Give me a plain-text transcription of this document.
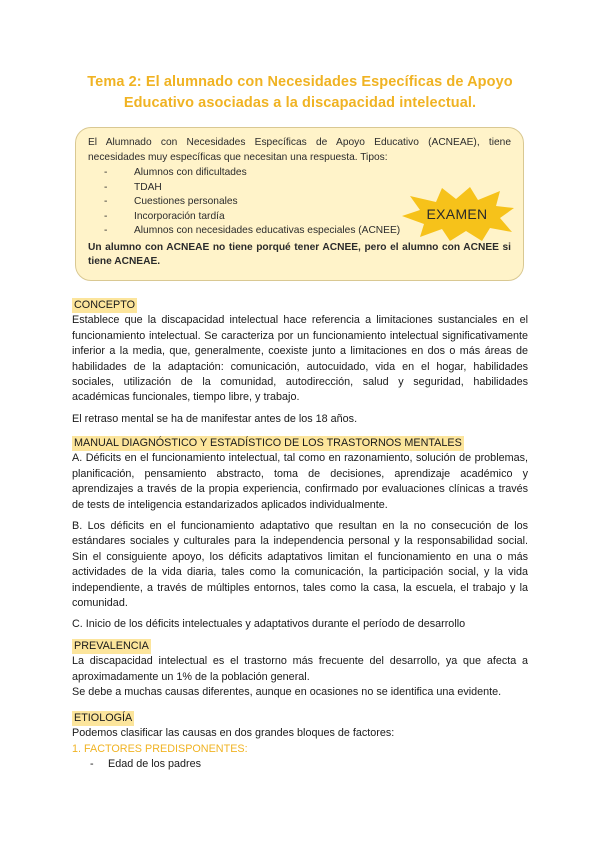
Tema 2: El alumnado con Necesidades Específicas de Apoyo
Educativo asociadas a la discapacidad intelectual.

El Alumnado con Necesidades Específicas de Apoyo Educativo (ACNEAE), tiene necesidades muy específicas que necesitan una respuesta. Tipos:

- Alumnos con dificultades
- TDAH
- Cuestiones personales
- Incorporación tardía
- Alumnos con necesidades educativas especiales (ACNEE)

Un alumno con ACNEAE no tiene porqué tener ACNEE, pero el alumno con ACNEE si tiene ACNEAE.

EXAMEN
CONCEPTO

Establece que la discapacidad intelectual hace referencia a limitaciones sustanciales en el funcionamiento intelectual. Se caracteriza por un funcionamiento intelectual significativamente inferior a la media, que, generalmente, coexiste junto a limitaciones en dos o más áreas de habilidades de la adaptación: comunicación, autocuidado, vida en el hogar, habilidades sociales, utilización de la comunidad, autodirección, salud y seguridad, habilidades académicas funcionales, tiempo libre, y trabajo.

El retraso mental se ha de manifestar antes de los 18 años.

MANUAL DIAGNÓSTICO Y ESTADÍSTICO DE LOS TRASTORNOS MENTALES

A. Déficits en el funcionamiento intelectual, tal como en razonamiento, solución de problemas, planificación, pensamiento abstracto, toma de decisiones, aprendizaje académico y aprendizajes a través de la propia experiencia, confirmado por evaluaciones clínicas a través de tests de inteligencia estandarizados aplicados individualmente.

B. Los déficits en el funcionamiento adaptativo que resultan en la no consecución de los estándares sociales y culturales para la independencia personal y la responsabilidad social. Sin el consiguiente apoyo, los déficits adaptativos limitan el funcionamiento en una o más actividades de la vida diaria, tales como la comunicación, la participación social, y la vida independiente, a través de múltiples entornos, tales como la casa, la escuela, el trabajo y la comunidad.

C. Inicio de los déficits intelectuales y adaptativos durante el período de desarrollo

PREVALENCIA

La discapacidad intelectual es el trastorno más frecuente del desarrollo, ya que afecta a aproximadamente un 1% de la población general.

Se debe a muchas causas diferentes, aunque en ocasiones no se identifica una evidente.

ETIOLOGÍA

Podemos clasificar las causas en dos grandes bloques de factores:

1. FACTORES PREDISPONENTES:

- Edad de los padres
